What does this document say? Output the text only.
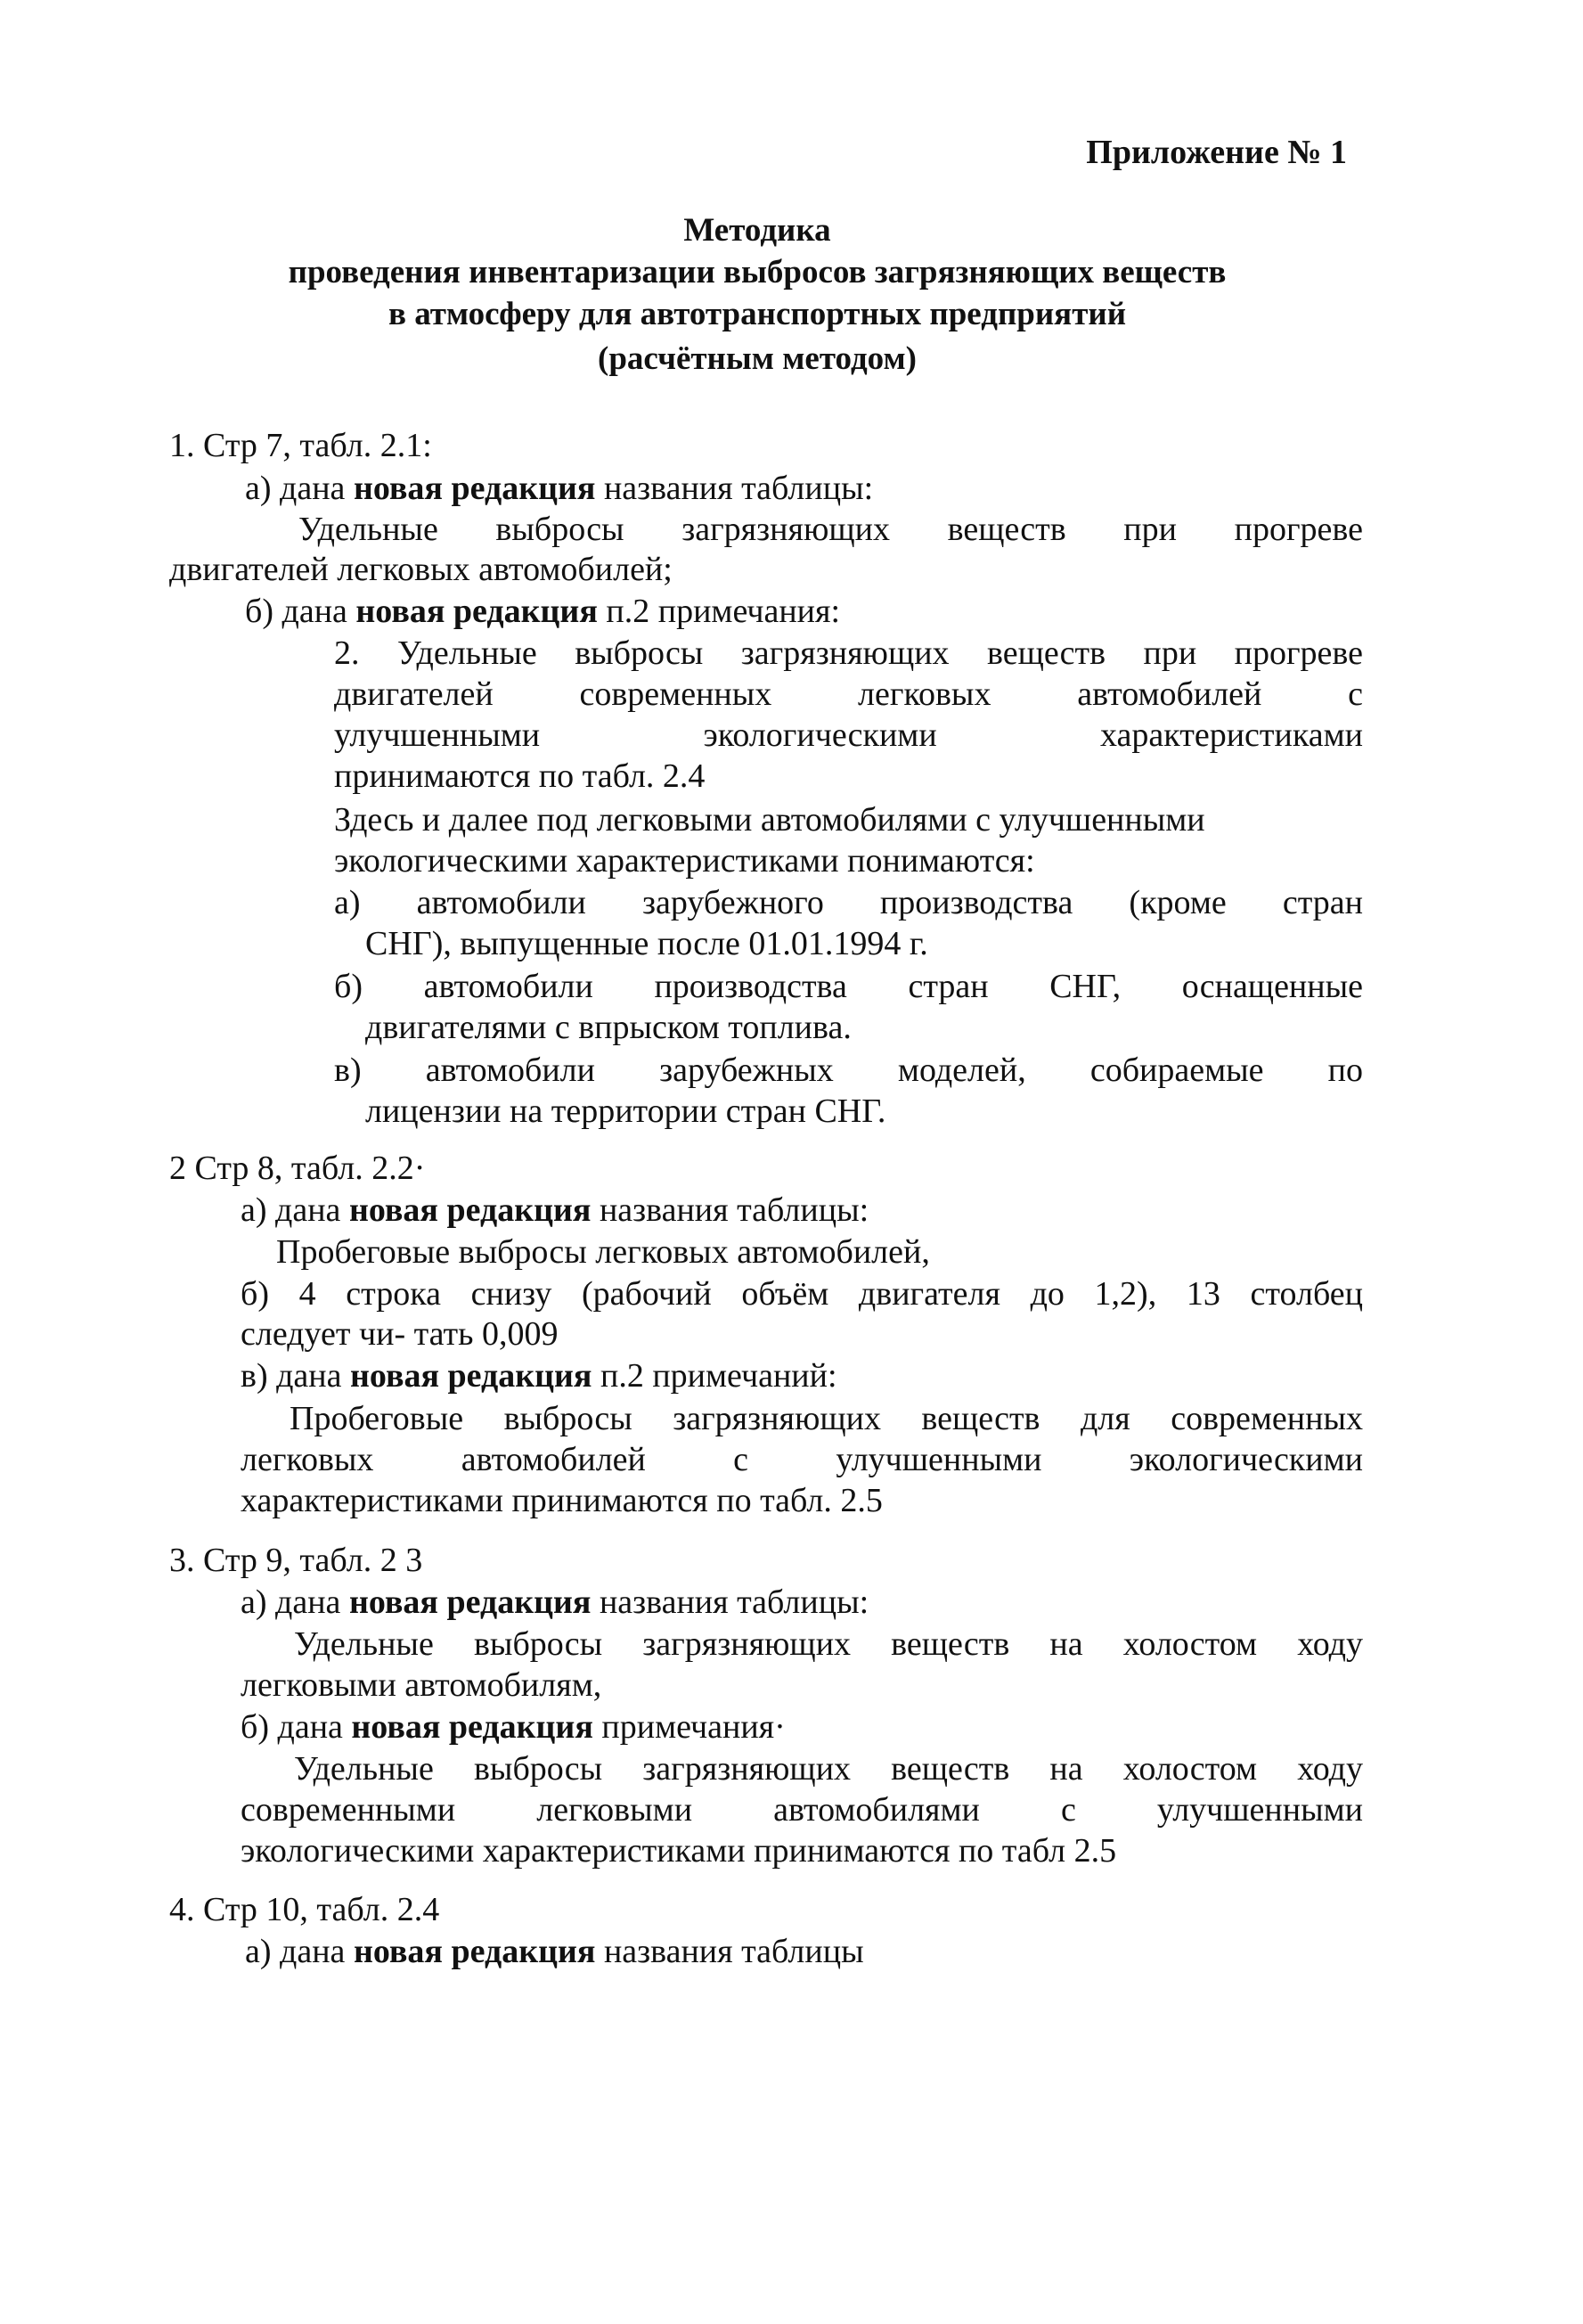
Приложение № 1
Методика
проведения инвентаризации выбросов загрязняющих веществ
в атмосферу для автотранспортных предприятий
(расчётным методом)
1. Стр 7, табл. 2.1:
а) дана новая редакция названия таблицы:
Удельные выбросы загрязняющих веществ при прогреве
двигателей легковых автомобилей;
б) дана новая редакция п.2 примечания:
2. Удельные выбросы загрязняющих веществ при прогреве
двигателей современных легковых автомобилей с
улучшенными экологическими характеристиками
принимаются по табл. 2.4
Здесь и далее под легковыми автомобилями с улучшенными
экологическими характеристиками понимаются:
а) автомобили зарубежного производства (кроме стран
СНГ), выпущенные после 01.01.1994 г.
б) автомобили производства стран СНГ, оснащенные
двигателями с впрыском топлива.
в) автомобили зарубежных моделей, собираемые по
лицензии на территории стран СНГ.
2 Стр 8, табл. 2.2·
а) дана новая редакция названия таблицы:
Пробеговые выбросы легковых автомобилей,
б) 4 строка снизу (рабочий объём двигателя до 1,2), 13 столбец
следует чи- тать 0,009
в) дана новая редакция п.2 примечаний:
Пробеговые выбросы загрязняющих веществ для современных
легковых автомобилей с улучшенными экологическими
характеристиками принимаются по табл. 2.5
3. Стр 9, табл. 2 3
а) дана новая редакция названия таблицы:
Удельные выбросы загрязняющих веществ на холостом ходу
легковыми автомобилям,
б) дана новая редакция примечания·
Удельные выбросы загрязняющих веществ на холостом ходу
современными легковыми автомобилями с улучшенными
экологическими характеристиками принимаются по табл 2.5
4. Стр 10, табл. 2.4
а) дана новая редакция названия таблицы
